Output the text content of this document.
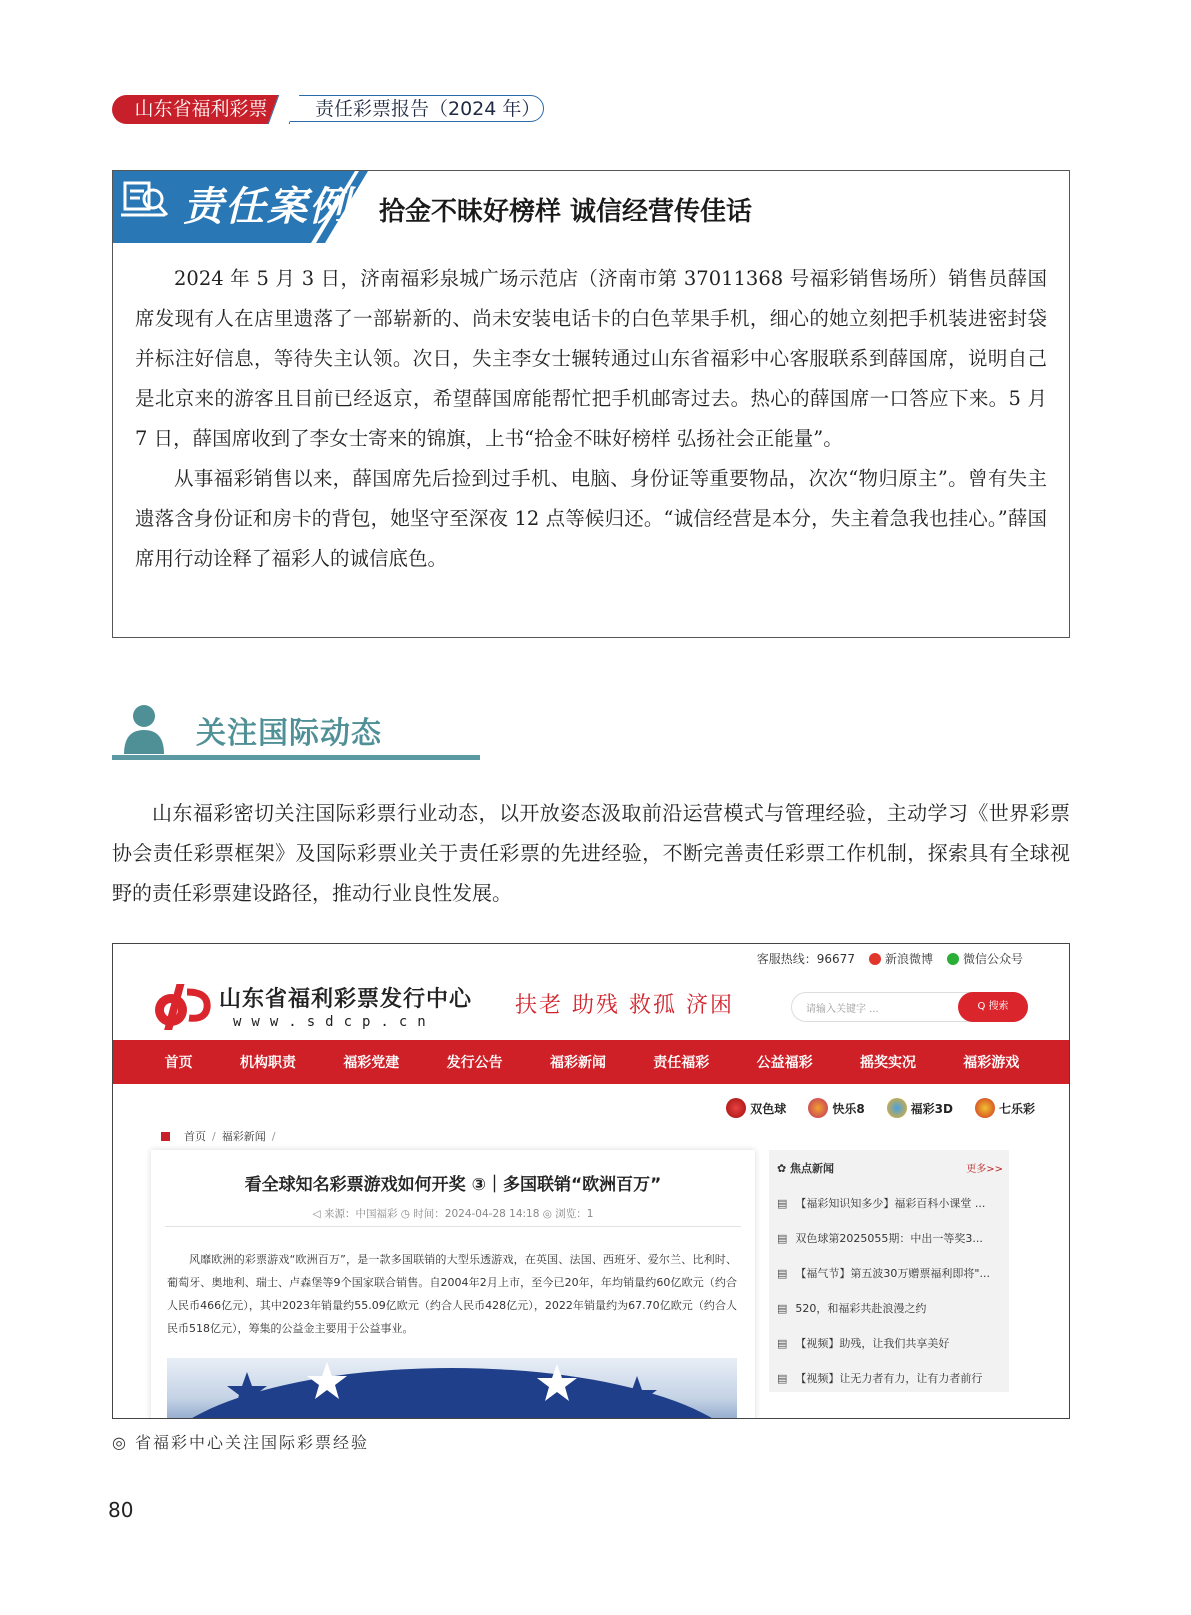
山东省福利彩票	责任彩票报告（2024 年）
责任案例 拾金不昧好榜样 诚信经营传佳话

2024 年 5 月 3 日，济南福彩泉城广场示范店（济南市第 37011368 号福彩销售场所）销售员薛国席发现有人在店里遗落了一部崭新的、尚未安装电话卡的白色苹果手机，细心的她立刻把手机装进密封袋并标注好信息，等待失主认领。次日，失主李女士辗转通过山东省福彩中心客服联系到薛国席，说明自己是北京来的游客且目前已经返京，希望薛国席能帮忙把手机邮寄过去。热心的薛国席一口答应下来。5 月 7 日，薛国席收到了李女士寄来的锦旗，上书“拾金不昧好榜样 弘扬社会正能量”。

从事福彩销售以来，薛国席先后捡到过手机、电脑、身份证等重要物品，次次“物归原主”。曾有失主遗落含身份证和房卡的背包，她坚守至深夜 12 点等候归还。“诚信经营是本分，失主着急我也挂心。”薛国席用行动诠释了福彩人的诚信底色。

关注国际动态

山东福彩密切关注国际彩票行业动态，以开放姿态汲取前沿运营模式与管理经验，主动学习《世界彩票协会责任彩票框架》及国际彩票业关于责任彩票的先进经验，不断完善责任彩票工作机制，探索具有全球视野的责任彩票建设路径，推动行业良性发展。

客服热线：96677	新浪微博	微信公众号
山东省福利彩票发行中心
www.sdcp.cn
扶老 助残 救孤 济困	请输入关键字 ...	Q 搜索
首页	机构职责	福彩党建	发行公告	福彩新闻	责任福彩	公益福彩	摇奖实况	福彩游戏
双色球	快乐8	福彩3D	七乐彩
首页 / 福彩新闻 /
看全球知名彩票游戏如何开奖 ③｜多国联销“欧洲百万”
◁ 来源：中国福彩 ◷ 时间：2024-04-28 14:18 ◎ 浏览：1

风靡欧洲的彩票游戏“欧洲百万”，是一款多国联销的大型乐透游戏，在英国、法国、西班牙、爱尔兰、比利时、葡萄牙、奥地利、瑞士、卢森堡等9个国家联合销售。自2004年2月上市，至今已20年，年均销量约60亿欧元（约合人民币466亿元），其中2023年销量约55.09亿欧元（约合人民币428亿元），2022年销量约为67.70亿欧元（约合人民币518亿元），筹集的公益金主要用于公益事业。

✿ 焦点新闻	更多>>
▤ 【福彩知识知多少】福彩百科小课堂 ...
▤ 双色球第2025055期：中出一等奖3...
▤ 【福气节】第五波30万赠票福利即将"...
▤ 520，和福彩共赴浪漫之约
▤ 【视频】助残，让我们共享美好
▤ 【视频】让无力者有力，让有力者前行
◎ 省福彩中心关注国际彩票经验
80
